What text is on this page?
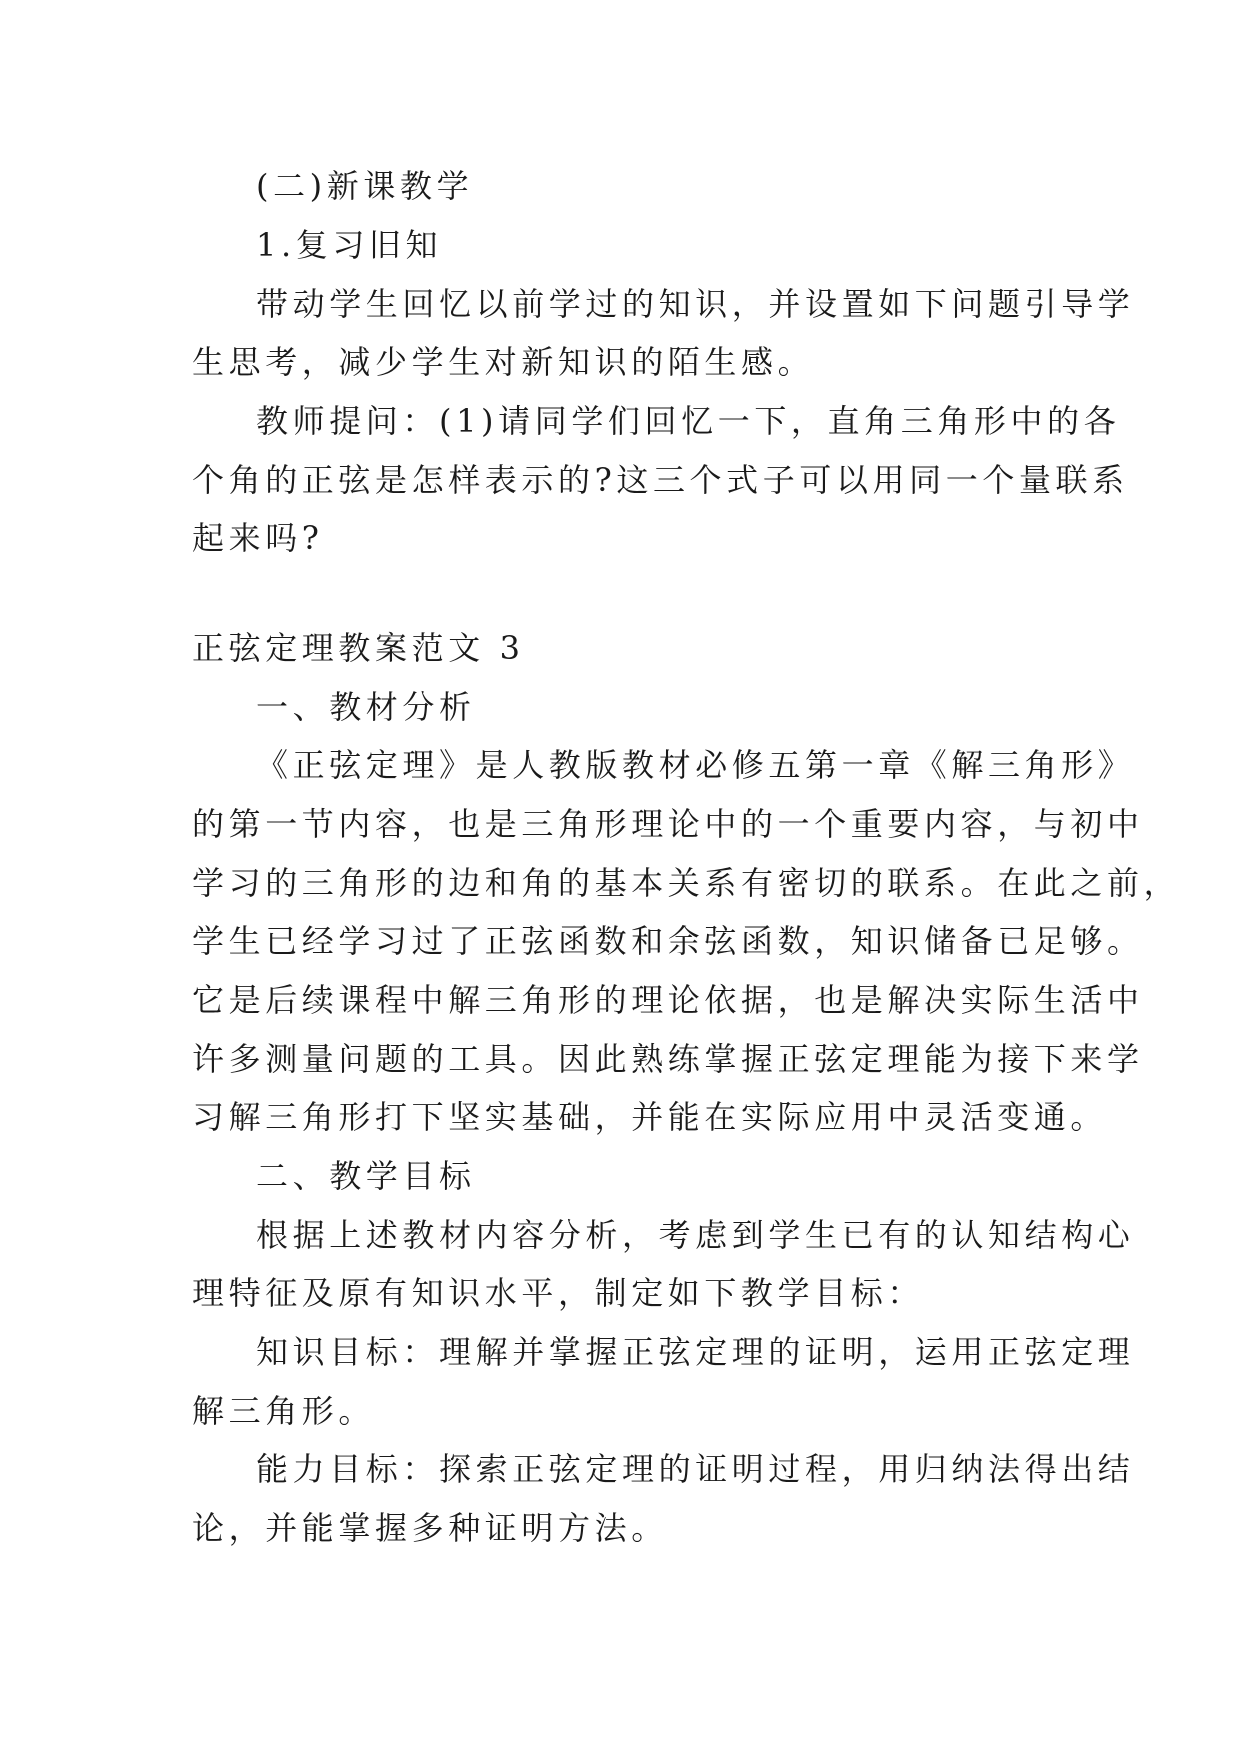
(二)新课教学
1.复习旧知
带动学生回忆以前学过的知识，并设置如下问题引导学
生思考，减少学生对新知识的陌生感。
教师提问：(1)请同学们回忆一下，直角三角形中的各
个角的正弦是怎样表示的?这三个式子可以用同一个量联系
起来吗?
正弦定理教案范文 3
一、教材分析
《正弦定理》是人教版教材必修五第一章《解三角形》
的第一节内容，也是三角形理论中的一个重要内容，与初中
学习的三角形的边和角的基本关系有密切的联系。在此之前，
学生已经学习过了正弦函数和余弦函数，知识储备已足够。
它是后续课程中解三角形的理论依据，也是解决实际生活中
许多测量问题的工具。因此熟练掌握正弦定理能为接下来学
习解三角形打下坚实基础，并能在实际应用中灵活变通。
二、教学目标
根据上述教材内容分析，考虑到学生已有的认知结构心
理特征及原有知识水平，制定如下教学目标：
知识目标：理解并掌握正弦定理的证明，运用正弦定理
解三角形。
能力目标：探索正弦定理的证明过程，用归纳法得出结
论，并能掌握多种证明方法。
